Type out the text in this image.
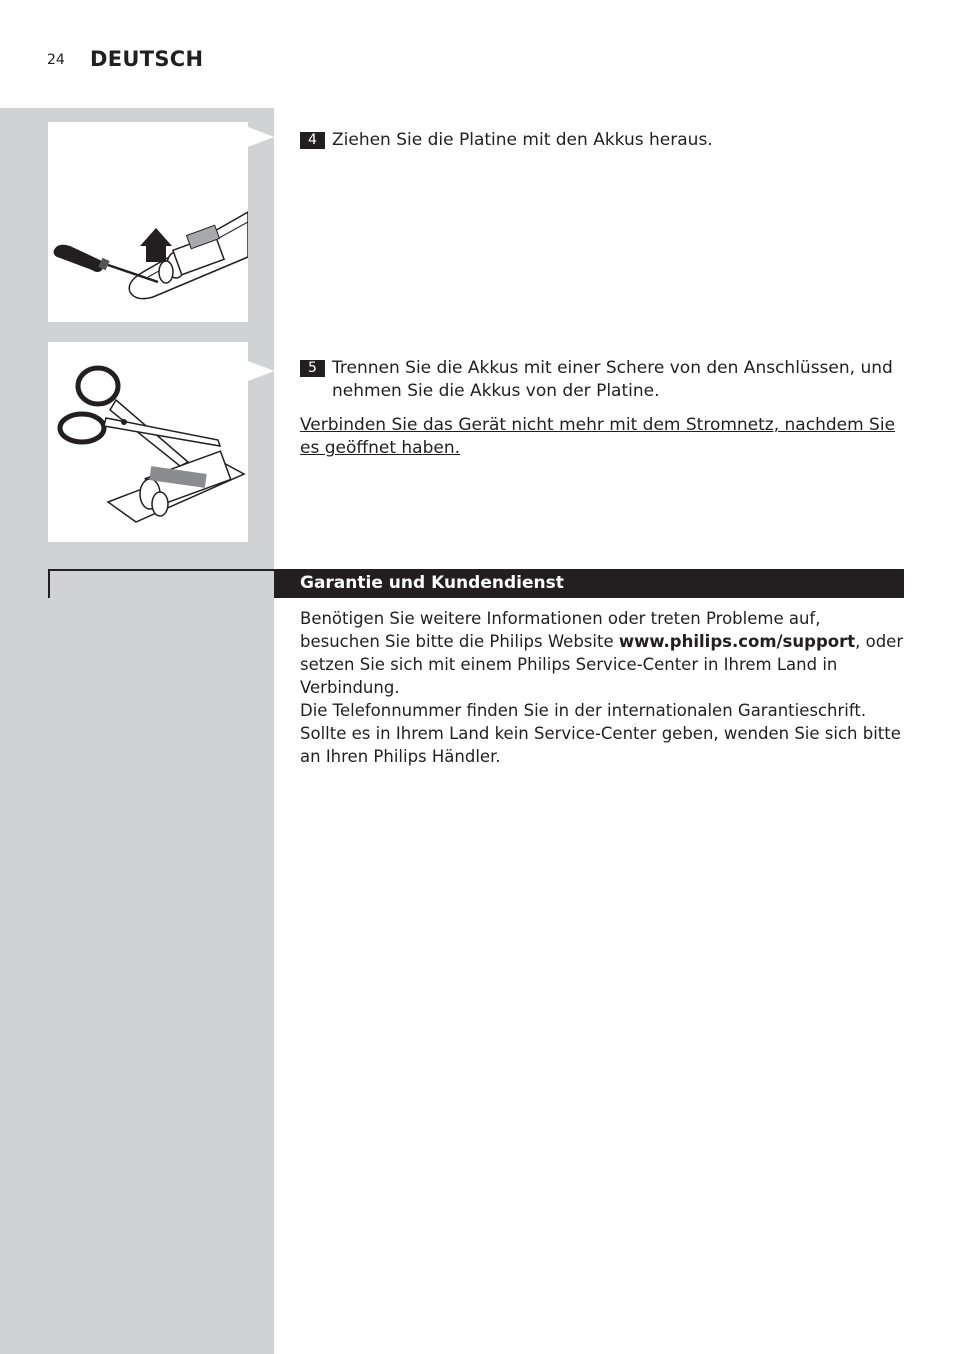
24 DEUTSCH
4 Ziehen Sie die Platine mit den Akkus heraus.
5 Trennen Sie die Akkus mit einer Schere von den Anschlüssen, und nehmen Sie die Akkus von der Platine.
Verbinden Sie das Gerät nicht mehr mit dem Stromnetz, nachdem Sie es geöffnet haben.
Garantie und Kundendienst

Benötigen Sie weitere Informationen oder treten Probleme auf, besuchen Sie bitte die Philips Website www.philips.com/support, oder setzen Sie sich mit einem Philips Service-Center in Ihrem Land in Verbindung.

Die Telefonnummer finden Sie in der internationalen Garantieschrift. Sollte es in Ihrem Land kein Service-Center geben, wenden Sie sich bitte an Ihren Philips Händler.
